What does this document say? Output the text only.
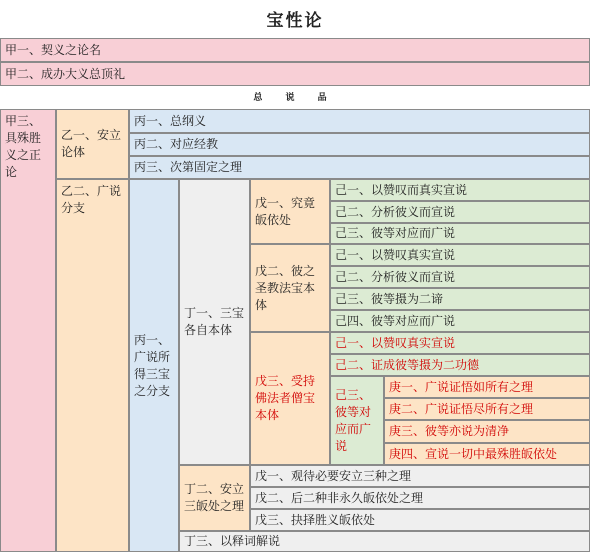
宝性论
甲一、契义之论名
甲二、成办大义总顶礼
总 说 品
甲三、具殊胜义之正论
乙一、安立论体
丙一、总纲义
丙二、对应经教
丙三、次第固定之理
乙二、广说分支
丙一、广说所得三宝之分支
丁一、三宝各自本体
戊一、究竟皈依处
己一、以赞叹而真实宣说
己二、分析彼义而宣说
己三、彼等对应而广说
戊二、彼之圣教法宝本体
己一、以赞叹真实宣说
己二、分析彼义而宣说
己三、彼等摄为二谛
己四、彼等对应而广说
戊三、受持佛法者僧宝本体
己一、以赞叹真实宣说
己二、证成彼等摄为二功德
己三、彼等对应而广说
庚一、广说证悟如所有之理
庚二、广说证悟尽所有之理
庚三、彼等亦说为清净
庚四、宣说一切中最殊胜皈依处
丁二、安立三皈处之理
戊一、观待必要安立三种之理
戊二、后二种非永久皈依处之理
戊三、抉择胜义皈依处
丁三、以释词解说
